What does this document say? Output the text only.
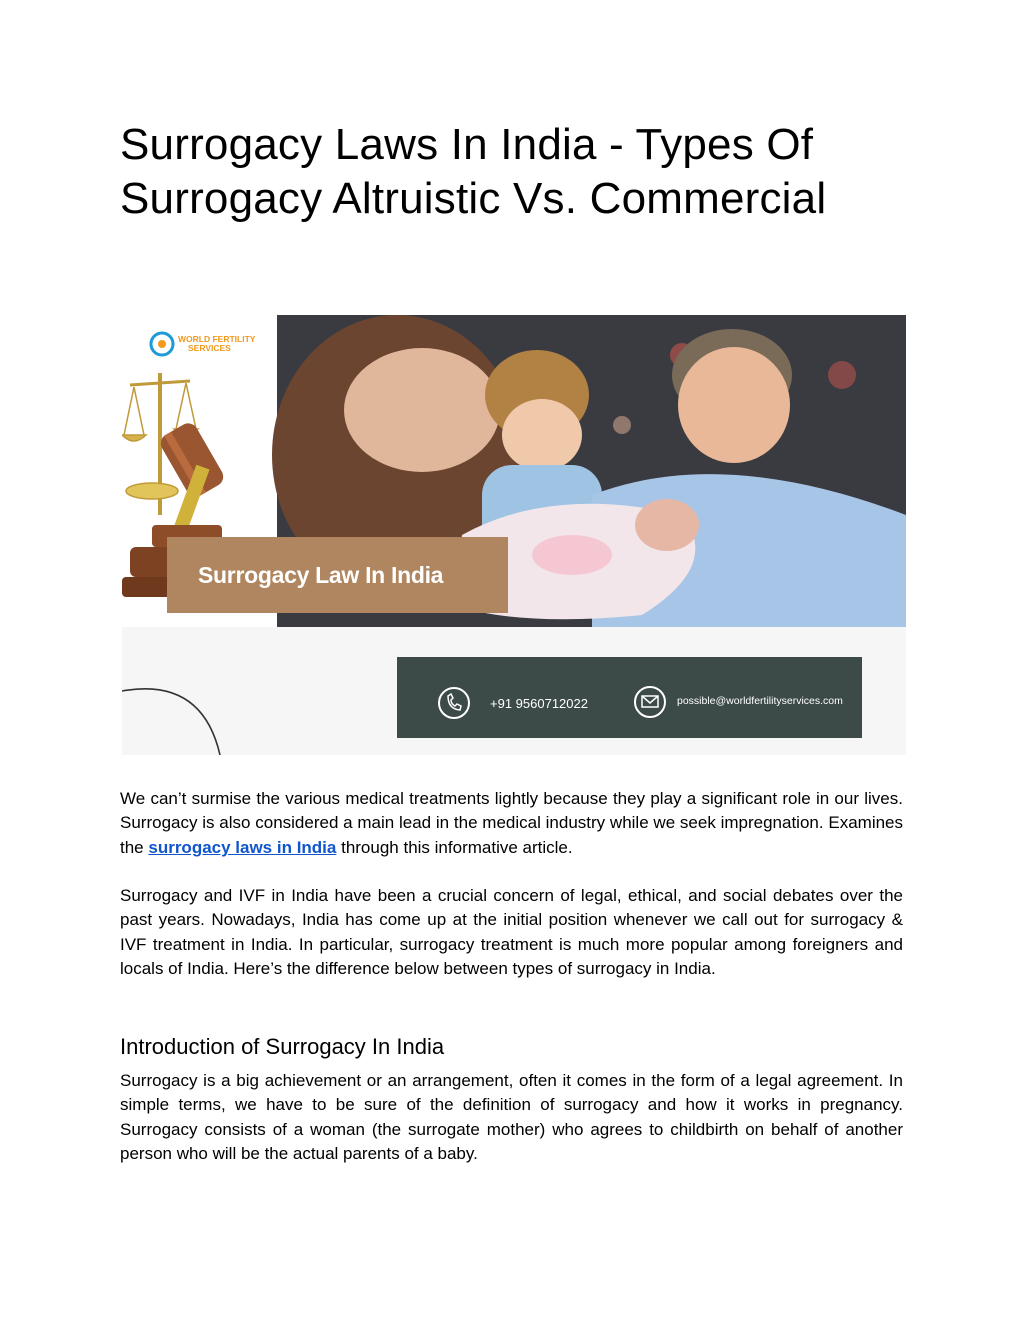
Surrogacy Laws In India - Types Of Surrogacy Altruistic Vs. Commercial
WORLD FERTILITY
SERVICES
Surrogacy Law In India
+91 9560712022	possible@worldfertilityservices.com

We can’t surmise the various medical treatments lightly because they play a significant role in our lives. Surrogacy is also considered a main lead in the medical industry while we seek impregnation. Examines the surrogacy laws in India through this informative article.

Surrogacy and IVF in India have been a crucial concern of legal, ethical, and social debates over the past years. Nowadays, India has come up at the initial position whenever we call out for surrogacy & IVF treatment in India. In particular, surrogacy treatment is much more popular among foreigners and locals of India. Here’s the difference below between types of surrogacy in India.

Introduction of Surrogacy In India

Surrogacy is a big achievement or an arrangement, often it comes in the form of a legal agreement. In simple terms, we have to be sure of the definition of surrogacy and how it works in pregnancy. Surrogacy consists of a woman (the surrogate mother) who agrees to childbirth on behalf of another person who will be the actual parents of a baby.
